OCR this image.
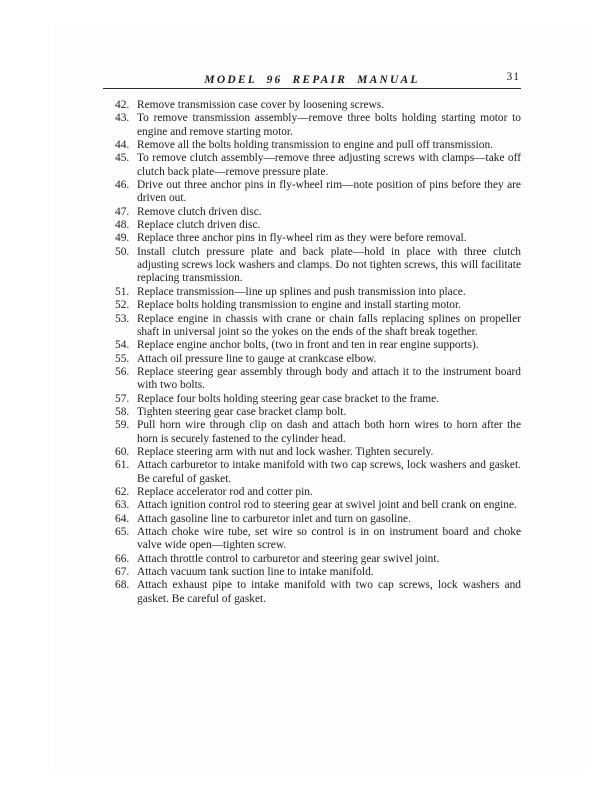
MODEL 96 REPAIR MANUAL	31
42. Remove transmission case cover by loosening screws.
43. To remove transmission assembly—remove three bolts holding starting motor to engine and remove starting motor.
44. Remove all the bolts holding transmission to engine and pull off transmission.
45. To remove clutch assembly—remove three adjusting screws with clamps—take off clutch back plate—remove pressure plate.
46. Drive out three anchor pins in fly-wheel rim—note position of pins before they are driven out.
47. Remove clutch driven disc.
48. Replace clutch driven disc.
49. Replace three anchor pins in fly-wheel rim as they were before removal.
50. Install clutch pressure plate and back plate—hold in place with three clutch adjusting screws lock washers and clamps. Do not tighten screws, this will facilitate replacing transmission.
51. Replace transmission—line up splines and push transmission into place.
52. Replace bolts holding transmission to engine and install starting motor.
53. Replace engine in chassis with crane or chain falls replacing splines on propeller shaft in universal joint so the yokes on the ends of the shaft break together.
54. Replace engine anchor bolts, (two in front and ten in rear engine supports).
55. Attach oil pressure line to gauge at crankcase elbow.
56. Replace steering gear assembly through body and attach it to the instrument board with two bolts.
57. Replace four bolts holding steering gear case bracket to the frame.
58. Tighten steering gear case bracket clamp bolt.
59. Pull horn wire through clip on dash and attach both horn wires to horn after the horn is securely fastened to the cylinder head.
60. Replace steering arm with nut and lock washer. Tighten securely.
61. Attach carburetor to intake manifold with two cap screws, lock washers and gasket. Be careful of gasket.
62. Replace accelerator rod and cotter pin.
63. Attach ignition control rod to steering gear at swivel joint and bell crank on engine.
64. Attach gasoline line to carburetor inlet and turn on gasoline.
65. Attach choke wire tube, set wire so control is in on instrument board and choke valve wide open—tighten screw.
66. Attach throttle control to carburetor and steering gear swivel joint.
67. Attach vacuum tank suction line to intake manifold.
68. Attach exhaust pipe to intake manifold with two cap screws, lock washers and gasket. Be careful of gasket.
